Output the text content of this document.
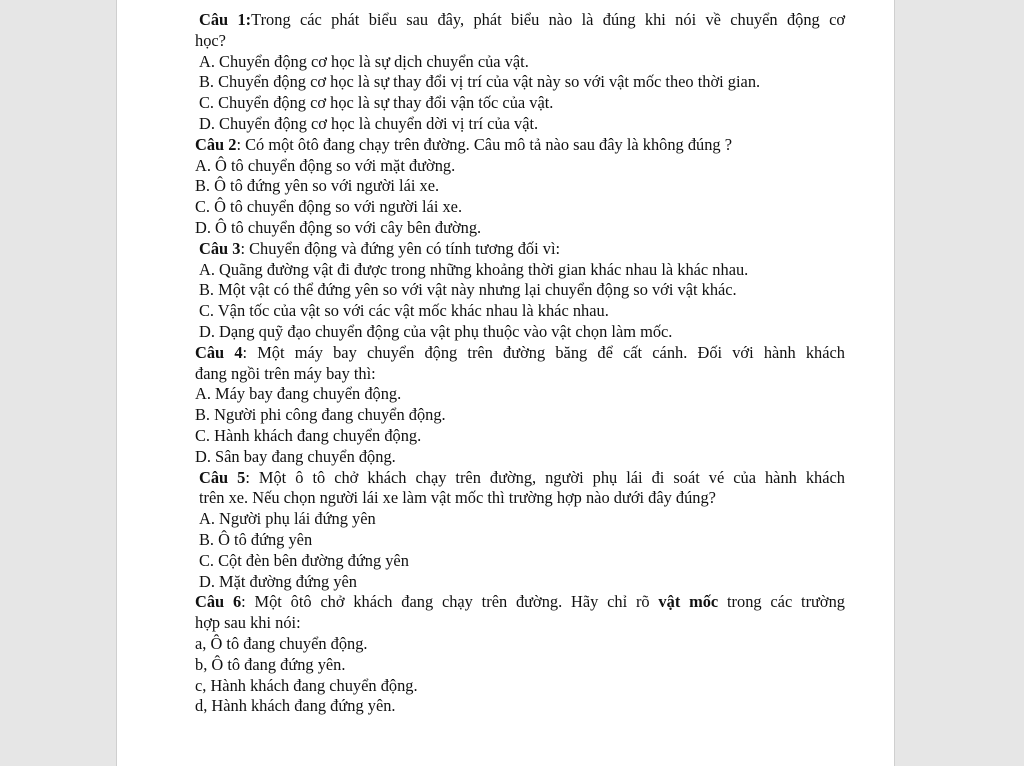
Câu 1:Trong các phát biểu sau đây, phát biểu nào là đúng khi nói về chuyển động cơ
học?
A. Chuyển động cơ học là sự dịch chuyển của vật.
B. Chuyển động cơ học là sự thay đổi vị trí của vật này so với vật mốc theo thời gian.
C. Chuyển động cơ học là sự thay đổi vận tốc của vật.
D. Chuyển động cơ học là chuyển dời vị trí của vật.
Câu 2: Có một ôtô đang chạy trên đường. Câu mô tả nào sau đây là không đúng ?
A. Ô tô chuyển động so với mặt đường.
B. Ô tô đứng yên so với người lái xe.
C. Ô tô chuyển động so với người lái xe.
D. Ô tô chuyển động so với cây bên đường.
Câu 3: Chuyển động và đứng yên có tính tương đối vì:
A. Quãng đường vật đi được trong những khoảng thời gian khác nhau là khác nhau.
B. Một vật có thể đứng yên so với vật này nhưng lại chuyển động so với vật khác.
C. Vận tốc của vật so với các vật mốc khác nhau là khác nhau.
D. Dạng quỹ đạo chuyển động của vật phụ thuộc vào vật chọn làm mốc.
Câu 4: Một máy bay chuyển động trên đường băng để cất cánh. Đối với hành khách
đang ngồi trên máy bay thì:
A. Máy bay đang chuyển động.
B. Người phi công đang chuyển động.
C. Hành khách đang chuyển động.
D. Sân bay đang chuyển động.
Câu 5: Một ô tô chở khách chạy trên đường, người phụ lái đi soát vé của hành khách
trên xe. Nếu chọn người lái xe làm vật mốc thì trường hợp nào dưới đây đúng?
A. Người phụ lái đứng yên
B. Ô tô đứng yên
C. Cột đèn bên đường đứng yên
D. Mặt đường đứng yên
Câu 6: Một ôtô chở khách đang chạy trên đường. Hãy chỉ rõ vật mốc trong các trường
hợp sau khi nói:
a, Ô tô đang chuyển động.
b, Ô tô đang đứng yên.
c, Hành khách đang chuyển động.
d, Hành khách đang đứng yên.
